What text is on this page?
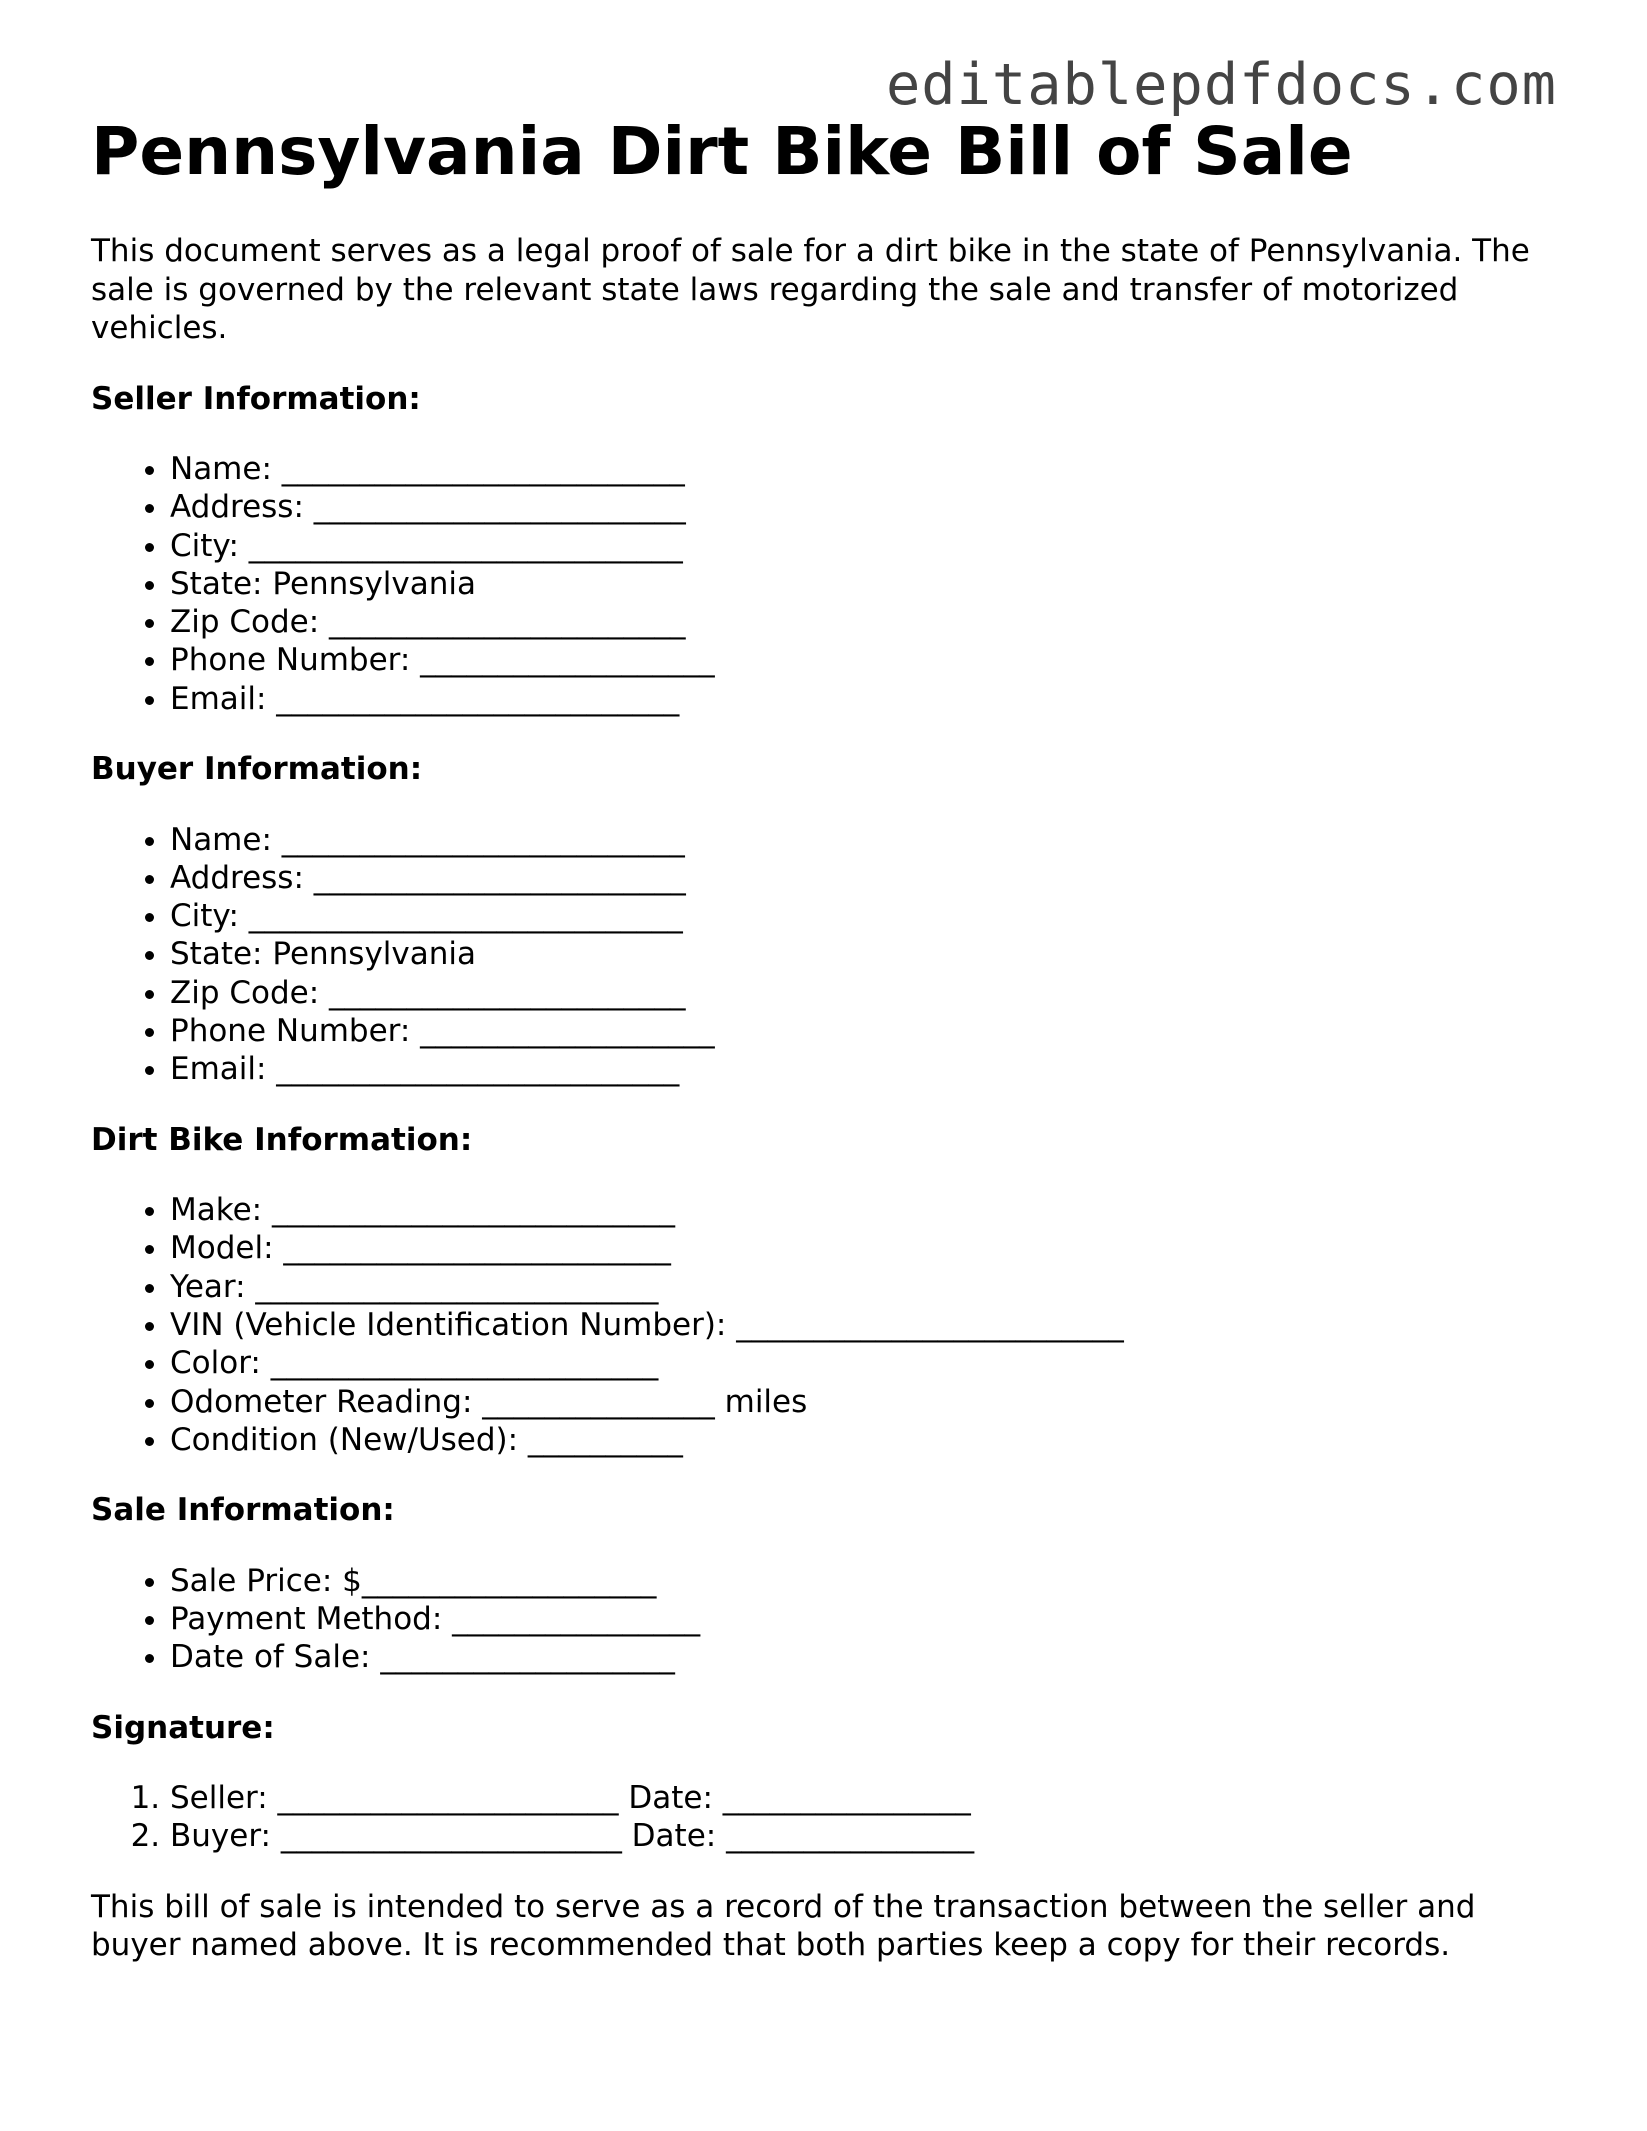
editablepdfdocs.com
Pennsylvania Dirt Bike Bill of Sale

This document serves as a legal proof of sale for a dirt bike in the state of Pennsylvania. The sale is governed by the relevant state laws regarding the sale and transfer of motorized vehicles.

Seller Information:

• Name: __________________________
• Address: ________________________
• City: ____________________________
• State: Pennsylvania
• Zip Code: _______________________
• Phone Number: ___________________
• Email: __________________________

Buyer Information:

• Name: __________________________
• Address: ________________________
• City: ____________________________
• State: Pennsylvania
• Zip Code: _______________________
• Phone Number: ___________________
• Email: __________________________

Dirt Bike Information:

• Make: __________________________
• Model: _________________________
• Year: __________________________
• VIN (Vehicle Identification Number): _________________________
• Color: _________________________
• Odometer Reading: _______________ miles
• Condition (New/Used): __________

Sale Information:

• Sale Price: $___________________
• Payment Method: ________________
• Date of Sale: ___________________

Signature:

1. Seller: ______________________ Date: ________________
2. Buyer: ______________________ Date: ________________

This bill of sale is intended to serve as a record of the transaction between the seller and buyer named above. It is recommended that both parties keep a copy for their records.
